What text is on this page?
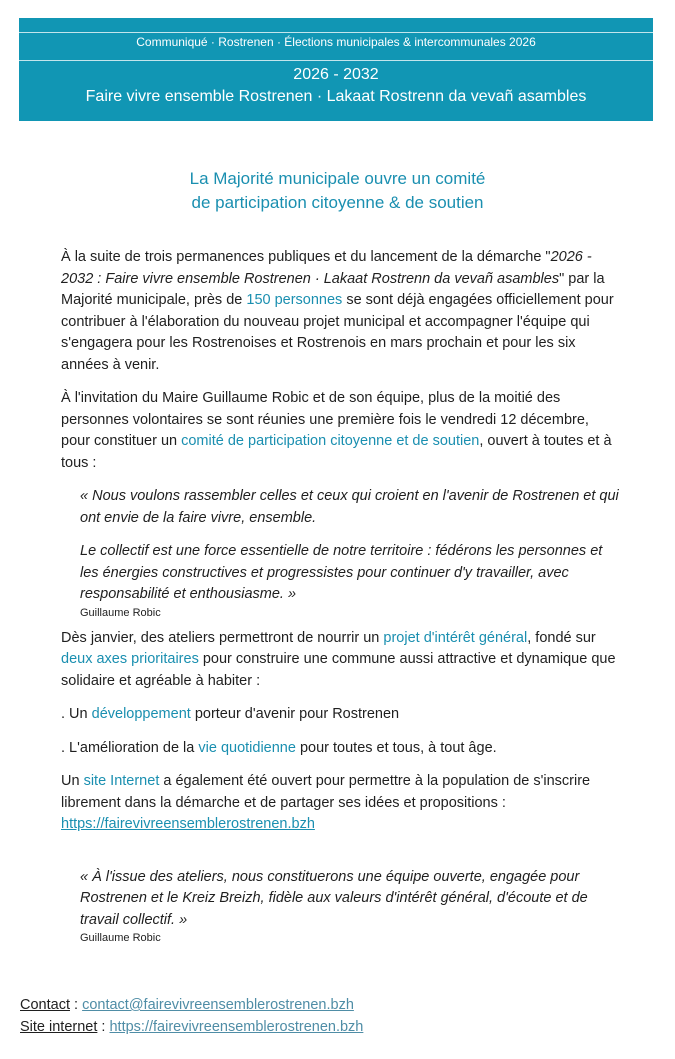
Communiqué · Rostrenen · Élections municipales & intercommunales 2026
2026 - 2032
Faire vivre ensemble Rostrenen · Lakaat Rostrenn da vevañ asambles
La Majorité municipale ouvre un comité
de participation citoyenne & de soutien

À la suite de trois permanences publiques et du lancement de la démarche "2026 - 2032 : Faire vivre ensemble Rostrenen · Lakaat Rostrenn da vevañ asambles" par la Majorité municipale, près de 150 personnes se sont déjà engagées officiellement pour contribuer à l'élaboration du nouveau projet municipal et accompagner l'équipe qui s'engagera pour les Rostrenoises et Rostrenois en mars prochain et pour les six années à venir.

À l'invitation du Maire Guillaume Robic et de son équipe, plus de la moitié des personnes volontaires se sont réunies une première fois le vendredi 12 décembre, pour constituer un comité de participation citoyenne et de soutien, ouvert à toutes et à tous :

« Nous voulons rassembler celles et ceux qui croient en l'avenir de Rostrenen et qui ont envie de la faire vivre, ensemble.

Le collectif est une force essentielle de notre territoire : fédérons les personnes et les énergies constructives et progressistes pour continuer d'y travailler, avec responsabilité et enthousiasme. »

Guillaume Robic

Dès janvier, des ateliers permettront de nourrir un projet d'intérêt général, fondé sur deux axes prioritaires pour construire une commune aussi attractive et dynamique que solidaire et agréable à habiter :

. Un développement porteur d'avenir pour Rostrenen

. L'amélioration de la vie quotidienne pour toutes et tous, à tout âge.

Un site Internet a également été ouvert pour permettre à la population de s'inscrire librement dans la démarche et de partager ses idées et propositions : https://fairevivreensemblerostrenen.bzh

« À l'issue des ateliers, nous constituerons une équipe ouverte, engagée pour Rostrenen et le Kreiz Breizh, fidèle aux valeurs d'intérêt général, d'écoute et de travail collectif. »

Guillaume Robic
Contact : contact@fairevivreensemblerostrenen.bzh
Site internet : https://fairevivreensemblerostrenen.bzh
